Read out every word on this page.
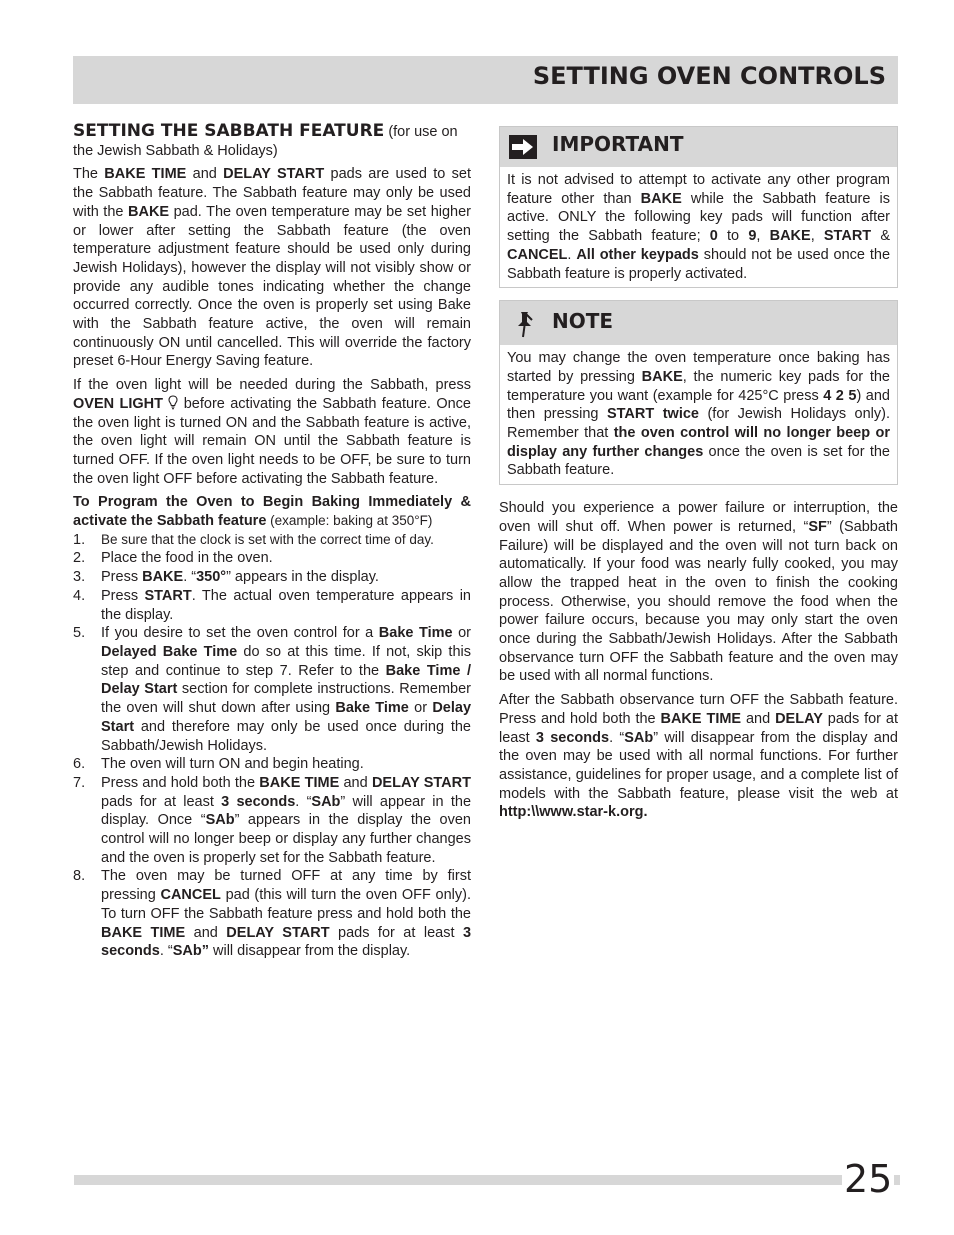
SETTING OVEN CONTROLS
SETTING THE SABBATH FEATURE (for use on
the Jewish Sabbath & Holidays)

The BAKE TIME and DELAY START pads are used to set the Sabbath feature. The Sabbath feature may only be used with the BAKE pad. The oven temperature may be set higher or lower after setting the Sabbath feature (the oven temperature adjustment feature should be used only during Jewish Holidays), however the display will not visibly show or provide any audible tones indicating whether the change occurred correctly. Once the oven is properly set using Bake with the Sabbath feature active, the oven will remain continuously ON until cancelled. This will override the factory preset 6-Hour Energy Saving feature.

If the oven light will be needed during the Sabbath, press OVEN LIGHT  before activating the Sabbath feature. Once the oven light is turned ON and the Sabbath feature is active, the oven light will remain ON until the Sabbath feature is turned OFF. If the oven light needs to be OFF, be sure to turn the oven light OFF before activating the Sabbath feature.

To Program the Oven to Begin Baking Immediately & activate the Sabbath feature (example: baking at 350°F)

1. Be sure that the clock is set with the correct time of day.
2. Place the food in the oven.
3. Press BAKE. “350°” appears in the display.
4. Press START. The actual oven temperature appears in the display.
5. If you desire to set the oven control for a Bake Time or Delayed Bake Time do so at this time. If not, skip this step and continue to step 7. Refer to the Bake Time / Delay Start section for complete instructions. Remember the oven will shut down after using Bake Time or Delay Start and therefore may only be used once during the Sabbath/Jewish Holidays.
6. The oven will turn ON and begin heating.
7. Press and hold both the BAKE TIME and DELAY START pads for at least 3 seconds. “SAb” will appear in the display. Once “SAb” appears in the display the oven control will no longer beep or display any further changes and the oven is properly set for the Sabbath feature.
8. The oven may be turned OFF at any time by first pressing CANCEL pad (this will turn the oven OFF only). To turn OFF the Sabbath feature press and hold both the BAKE TIME and DELAY START pads for at least 3 seconds. “SAb” will disappear from the display.
IMPORTANT
It is not advised to attempt to activate any other program feature other than BAKE while the Sabbath feature is active. ONLY the following key pads will function after setting the Sabbath feature; 0 to 9, BAKE, START & CANCEL. All other keypads should not be used once the Sabbath feature is properly activated.
NOTE
You may change the oven temperature once baking has started by pressing BAKE, the numeric key pads for the temperature you want (example for 425°C press 4 2 5) and then pressing START twice (for Jewish Holidays only). Remember that the oven control will no longer beep or display any further changes once the oven is set for the Sabbath feature.

Should you experience a power failure or interruption, the oven will shut off. When power is returned, “SF” (Sabbath Failure) will be displayed and the oven will not turn back on automatically. If your food was nearly fully cooked, you may allow the trapped heat in the oven to finish the cooking process. Otherwise, you should remove the food when the power failure occurs, because you may only start the oven once during the Sabbath/Jewish Holidays. After the Sabbath observance turn OFF the Sabbath feature and the oven may be used with all normal functions.

After the Sabbath observance turn OFF the Sabbath feature. Press and hold both the BAKE TIME and DELAY pads for at least 3 seconds. “SAb” will disappear from the display and the oven may be used with all normal functions. For further assistance, guidelines for proper usage, and a complete list of models with the Sabbath feature, please visit the web at http:\\www.star-k.org.

25
